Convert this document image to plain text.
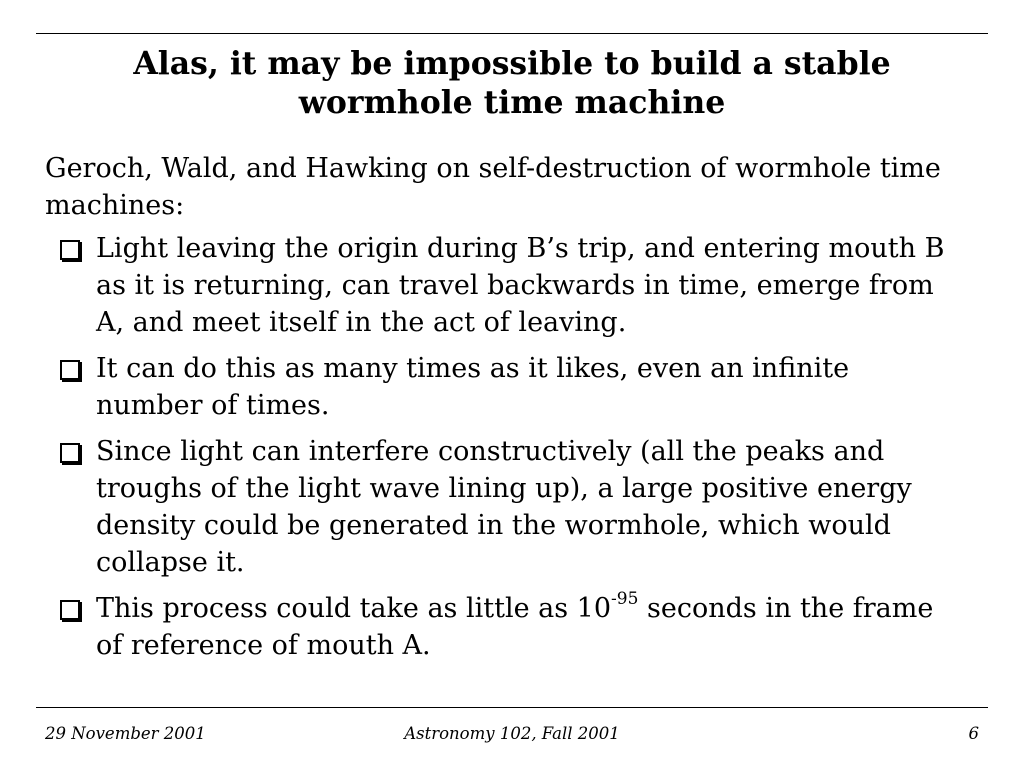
Alas, it may be impossible to build a stable wormhole time machine

Geroch, Wald, and Hawking on self-destruction of wormhole time machines:

Light leaving the origin during B’s trip, and entering mouth B as it is returning, can travel backwards in time, emerge from A, and meet itself in the act of leaving.
It can do this as many times as it likes, even an infinite number of times.
Since light can interfere constructively (all the peaks and troughs of the light wave lining up), a large positive energy density could be generated in the wormhole, which would collapse it.
This process could take as little as $10^{-95}$ seconds in the frame of reference of mouth A.
29 November 2001	Astronomy 102, Fall 2001	6
